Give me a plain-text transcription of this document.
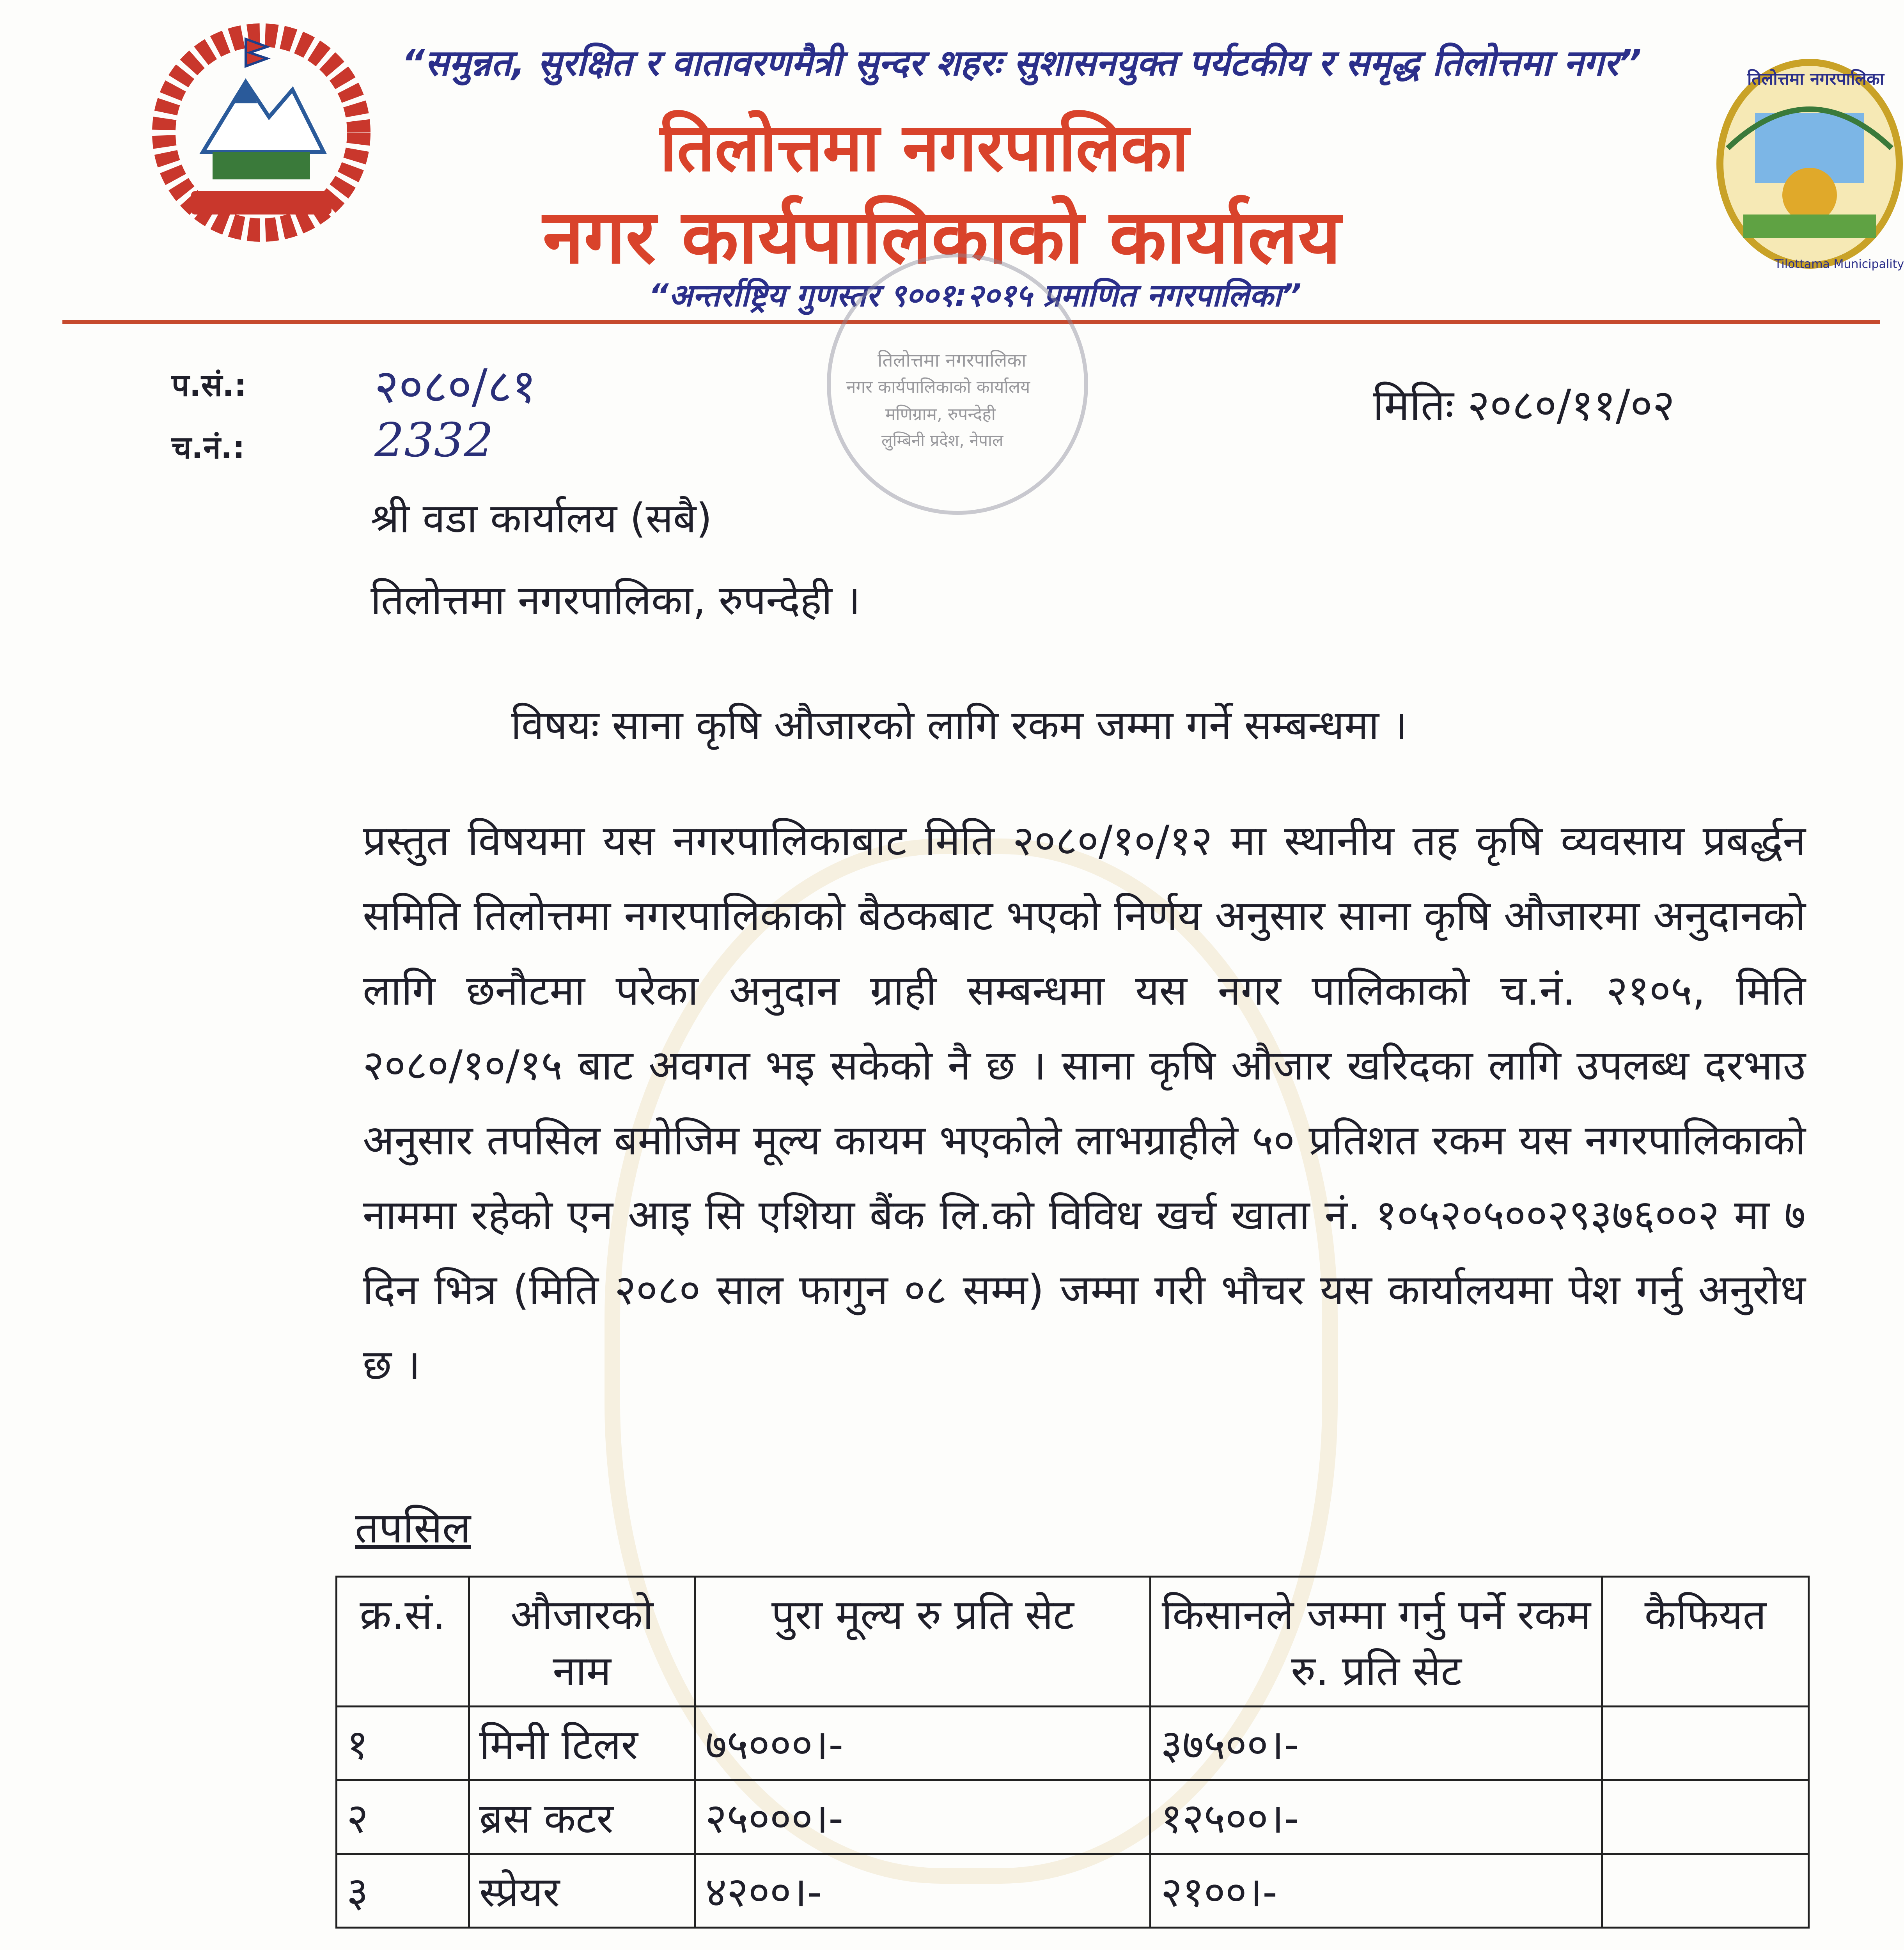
“समुन्नत, सुरक्षित र वातावरणमैत्री सुन्दर शहरः सुशासनयुक्त पर्यटकीय र समृद्ध तिलोत्तमा नगर”
तिलोत्तमा नगरपालिका
नगर कार्यपालिकाको कार्यालय
“अन्तर्राष्ट्रिय गुणस्तर ९००१:२०१५ प्रमाणित नगरपालिका”
तिलोत्तमा नगरपालिका
Tilottama Municipality
प.सं.:	२०८०/८१
च.नं.:	2332
मितिः २०८०/११/०२
तिलोत्तमा नगरपालिका
नगर कार्यपालिकाको कार्यालय
मणिग्राम, रुपन्देही
लुम्बिनी प्रदेश, नेपाल
श्री वडा कार्यालय (सबै)
तिलोत्तमा नगरपालिका, रुपन्देही ।
विषयः साना कृषि औजारको लागि रकम जम्मा गर्ने सम्बन्धमा ।
प्रस्तुत विषयमा यस नगरपालिकाबाट मिति २०८०/१०/१२ मा स्थानीय तह कृषि व्यवसाय प्रबर्द्धन समिति तिलोत्तमा नगरपालिकाको बैठकबाट भएको निर्णय अनुसार साना कृषि औजारमा अनुदानको लागि छनौटमा परेका अनुदान ग्राही सम्बन्धमा यस नगर पालिकाको च.नं. २१०५, मिति २०८०/१०/१५ बाट अवगत भइ सकेको नै छ । साना कृषि औजार खरिदका लागि उपलब्ध दरभाउ अनुसार तपसिल बमोजिम मूल्य कायम भएकोले लाभग्राहीले ५० प्रतिशत रकम यस नगरपालिकाको नाममा रहेको एन आइ सि एशिया बैंक लि.को विविध खर्च खाता नं. १०५२०५००२९३७६००२ मा ७ दिन भित्र (मिति २०८० साल फागुन ०८ सम्म) जम्मा गरी भौचर यस कार्यालयमा पेश गर्नु अनुरोध छ ।
तपसिल
क्र.सं.	औजारको नाम	पुरा मूल्य रु प्रति सेट	किसानले जम्मा गर्नु पर्ने रकम रु. प्रति सेट	कैफियत
१	मिनी टिलर	७५०००।-	३७५००।-	
२	ब्रस कटर	२५०००।-	१२५००।-	
३	स्प्रेयर	४२००।-	२१००।-	
